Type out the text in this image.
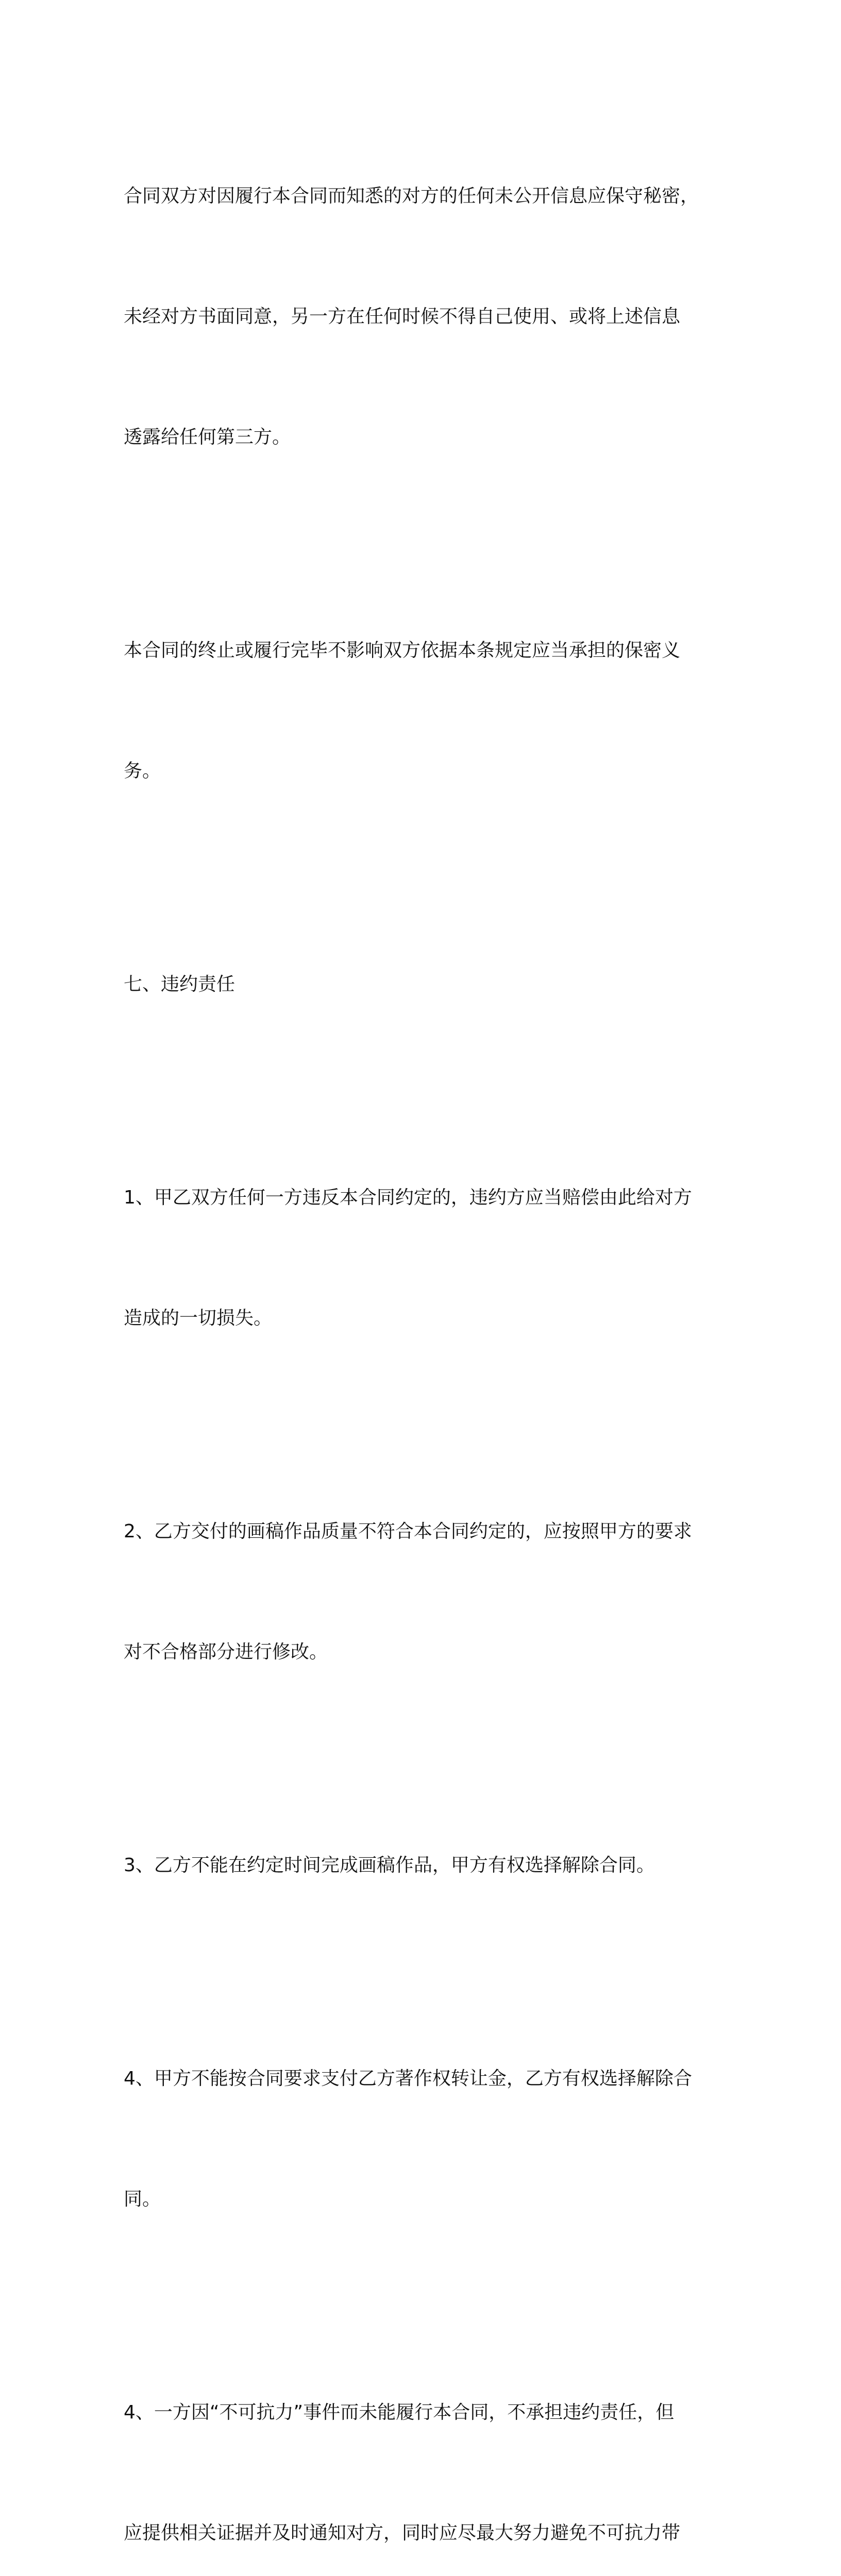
合同双方对因履行本合同而知悉的对方的任何未公开信息应保守秘密，

未经对方书面同意，另一方在任何时候不得自己使用、或将上述信息

透露给任何第三方。

本合同的终止或履行完毕不影响双方依据本条规定应当承担的保密义

务。

七、违约责任

1、甲乙双方任何一方违反本合同约定的，违约方应当赔偿由此给对方

造成的一切损失。

2、乙方交付的画稿作品质量不符合本合同约定的，应按照甲方的要求

对不合格部分进行修改。

3、乙方不能在约定时间完成画稿作品，甲方有权选择解除合同。

4、甲方不能按合同要求支付乙方著作权转让金，乙方有权选择解除合

同。

4、一方因“不可抗力”事件而未能履行本合同，不承担违约责任，但

应提供相关证据并及时通知对方，同时应尽最大努力避免不可抗力带
